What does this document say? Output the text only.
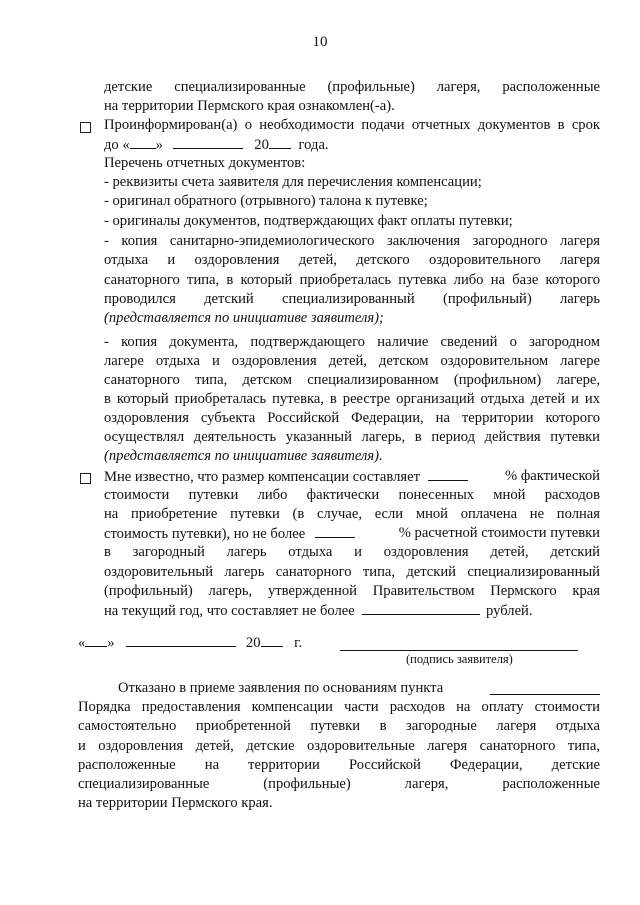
10
детские специализированные (профильные) лагеря, расположенные
на территории Пермского края ознакомлен(-а).
Проинформирован(а) о необходимости подачи отчетных документов в срок
до « »	20 года.
Перечень отчетных документов:
- реквизиты счета заявителя для перечисления компенсации;
- оригинал обратного (отрывного) талона к путевке;
- оригиналы документов, подтверждающих факт оплаты путевки;
- копия санитарно-эпидемиологического заключения загородного лагеря
отдыха и оздоровления детей, детского оздоровительного лагеря
санаторного типа, в который приобреталась путевка либо на базе которого
проводился детский специализированный (профильный) лагерь
(представляется по инициативе заявителя);
- копия документа, подтверждающего наличие сведений о загородном
лагере отдыха и оздоровления детей, детском оздоровительном лагере
санаторного типа, детском специализированном (профильном) лагере,
в который приобреталась путевка, в реестре организаций отдыха детей и их
оздоровления субъекта Российской Федерации, на территории которого
осуществлял деятельность указанный лагерь, в период действия путевки
(представляется по инициативе заявителя).
Мне известно, что размер компенсации составляет	% фактической
стоимости путевки либо фактически понесенных мной расходов
на приобретение путевки (в случае, если мной оплачена не полная
стоимость путевки), но не более	% расчетной стоимости путевки
в загородный лагерь отдыха и оздоровления детей, детский
оздоровительный лагерь санаторного типа, детский специализированный
(профильный) лагерь, утвержденной Правительством Пермского края
на текущий год, что составляет не более	рублей.
« »	20 г.
(подпись заявителя)
Отказано в приеме заявления по основаниям пункта
Порядка предоставления компенсации части расходов на оплату стоимости
самостоятельно приобретенной путевки в загородные лагеря отдыха
и оздоровления детей, детские оздоровительные лагеря санаторного типа,
расположенные на территории Российской Федерации, детские
специализированные (профильные) лагеря, расположенные
на территории Пермского края.
